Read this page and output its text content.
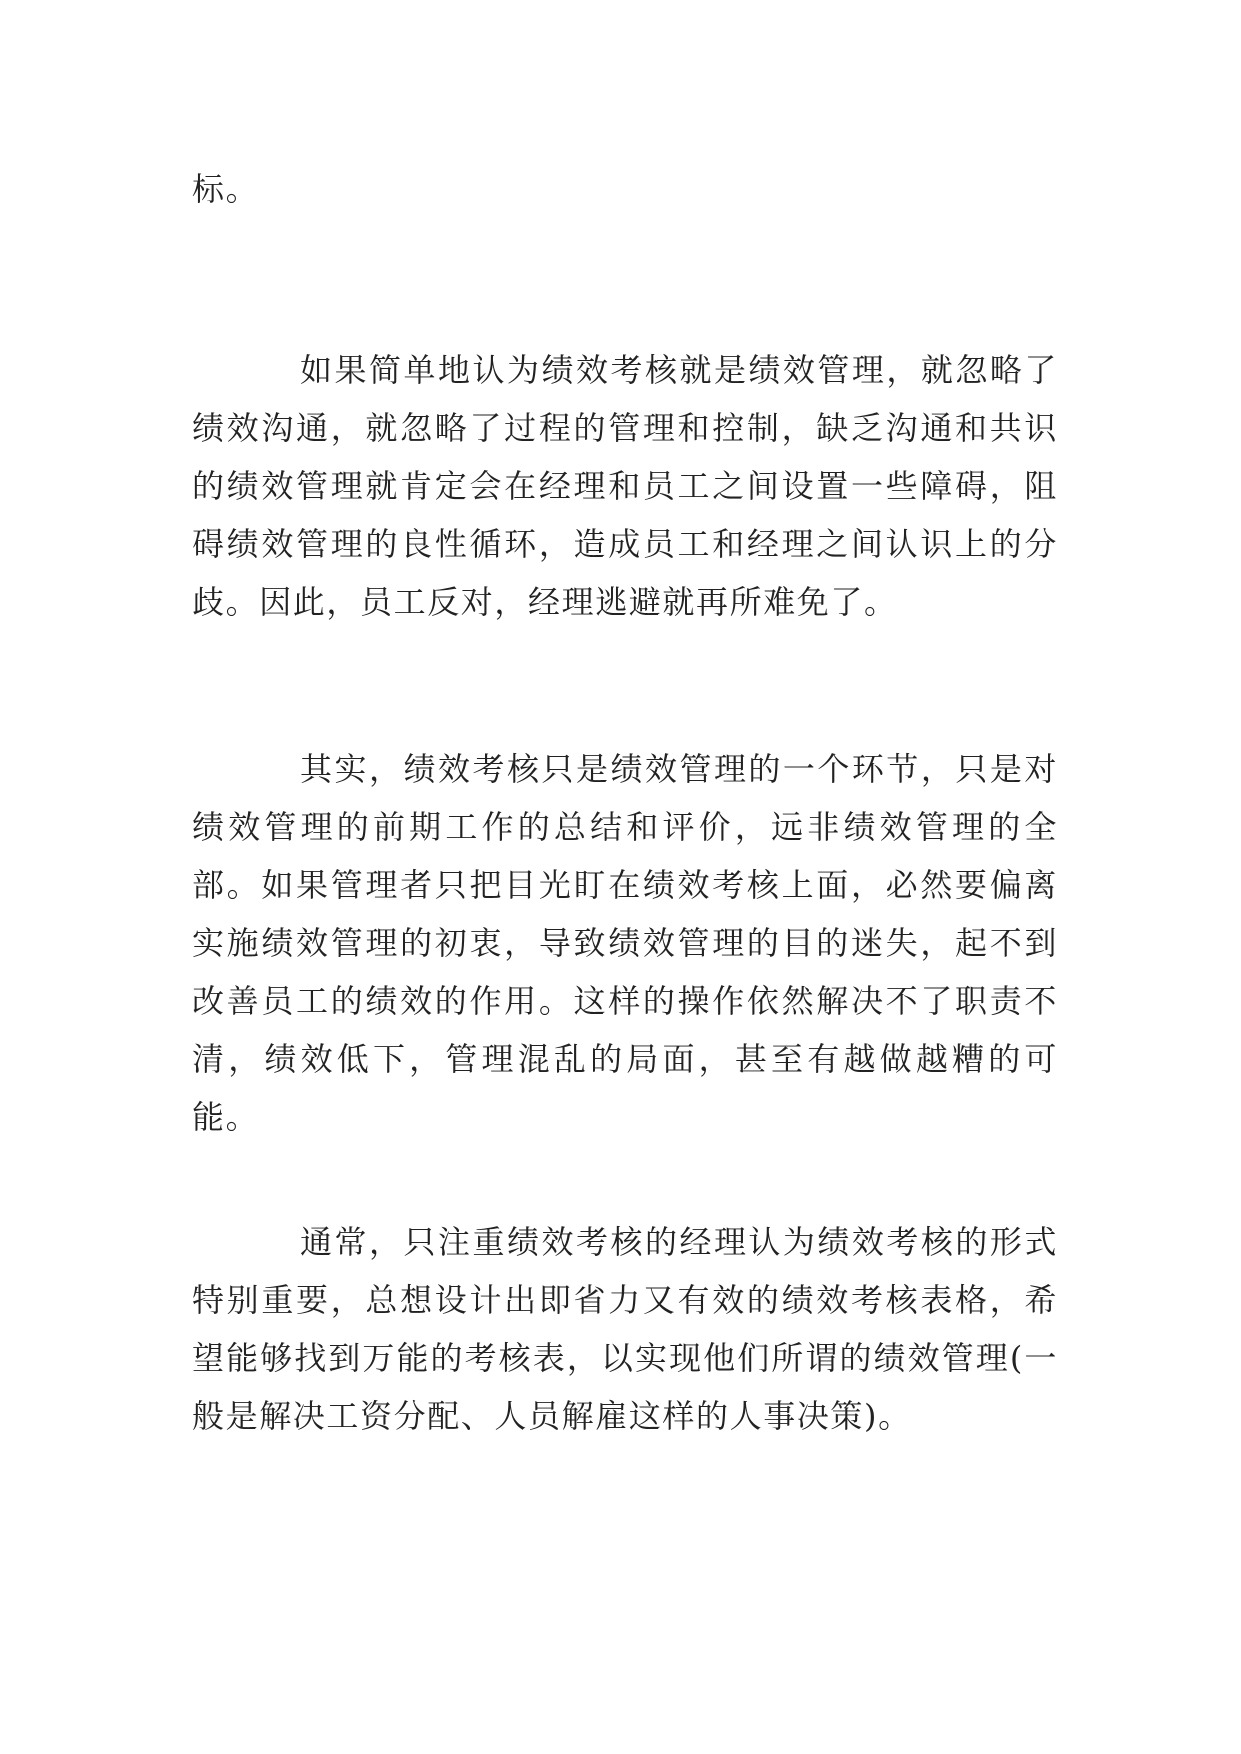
标。
如果简单地认为绩效考核就是绩效管理，就忽略了绩效沟通，就忽略了过程的管理和控制，缺乏沟通和共识的绩效管理就肯定会在经理和员工之间设置一些障碍，阻碍绩效管理的良性循环，造成员工和经理之间认识上的分歧。因此，员工反对，经理逃避就再所难免了。
其实，绩效考核只是绩效管理的一个环节，只是对绩效管理的前期工作的总结和评价，远非绩效管理的全部。如果管理者只把目光盯在绩效考核上面，必然要偏离实施绩效管理的初衷，导致绩效管理的目的迷失，起不到改善员工的绩效的作用。这样的操作依然解决不了职责不清，绩效低下，管理混乱的局面，甚至有越做越糟的可能。
通常，只注重绩效考核的经理认为绩效考核的形式特别重要，总想设计出即省力又有效的绩效考核表格，希望能够找到万能的考核表，以实现他们所谓的绩效管理(一般是解决工资分配、人员解雇这样的人事决策)。
